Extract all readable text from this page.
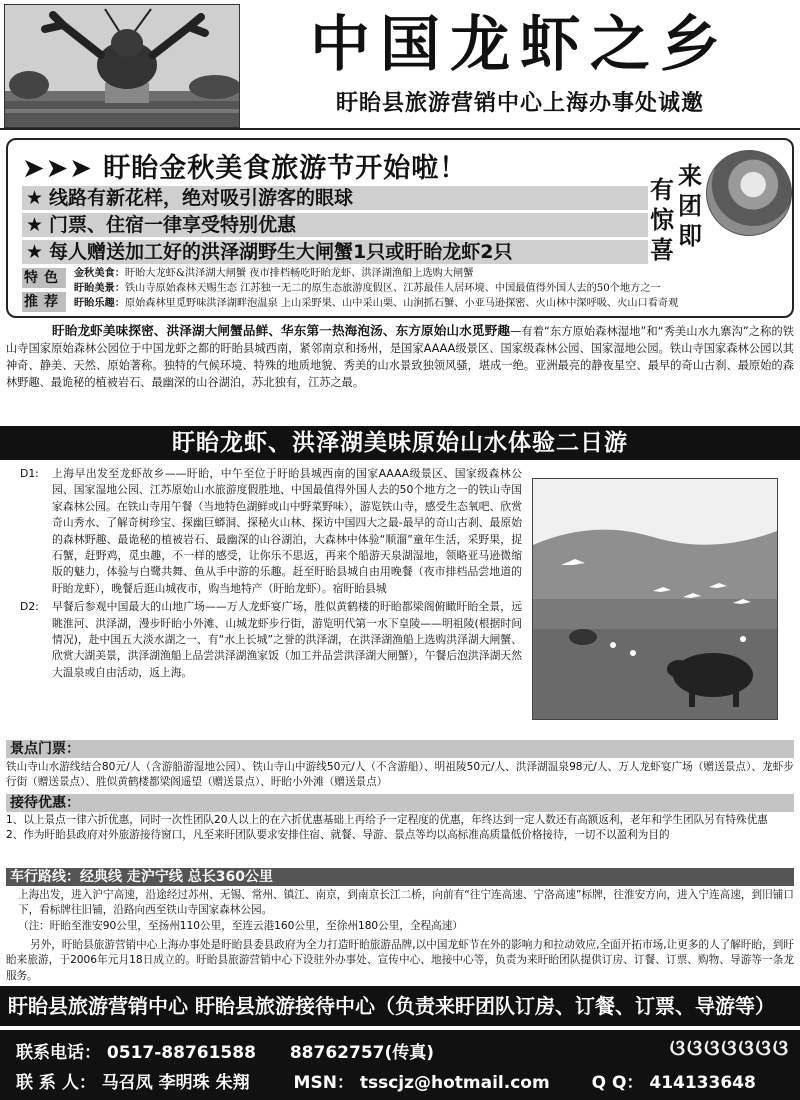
中国龙虾之乡
盱眙县旅游营销中心上海办事处诚邀
➤➤➤ 盱眙金秋美食旅游节开始啦！
★ 线路有新花样，绝对吸引游客的眼球
★ 门票、住宿一律享受特别优惠
★ 每人赠送加工好的洪泽湖野生大闸蟹1只或盱眙龙虾2只
有
惊
喜
来
团
即
特色
推荐
金秋美食：盱眙大龙虾&洪泽湖大闸蟹 夜市排档畅吃盱眙龙虾、洪泽湖渔船上选购大闸蟹
盱眙美景：铁山寺原始森林天赐生态 江苏独一无二的原生态旅游度假区、江苏最佳人居环境、中国最值得外国人去的50个地方之一
盱眙乐趣：原始森林里觅野味洪泽湖畔泡温泉 上山采野果、山中采山栗、山涧抓石蟹、小亚马逊探密、火山林中深呼吸、火山口看奇观
盱眙龙虾美味探密、洪泽湖大闸蟹品鲜、华东第一热海泡汤、东方原始山水觅野趣—有着“东方原始森林湿地”和“秀美山水九寨沟”之称的铁山寺国家原始森林公园位于中国龙虾之都的盱眙县城西南，紧邻南京和扬州，是国家AAAA级景区、国家级森林公园、国家湿地公园。铁山寺国家森林公园以其神奇、静美、天然、原始著称。独特的气候环境、特殊的地质地貌、秀美的山水景致独领风骚，堪成一绝。亚洲最亮的静夜星空、最早的奇山古刹、最原始的森林野趣、最诡秘的植被岩石、最幽深的山谷湖泊，苏北独有，江苏之最。
盱眙龙虾、洪泽湖美味原始山水体验二日游
D1: 上海早出发至龙虾故乡——盱眙，中午至位于盱眙县城西南的国家AAAA级景区、国家级森林公园、国家湿地公园、江苏原始山水旅游度假胜地、中国最值得外国人去的50个地方之一的铁山寺国家森林公园。在铁山寺用午餐（当地特色湖鲜或山中野菜野味），游览铁山寺，感受生态氧吧、欣赏奇山秀水、了解奇树珍宝、探幽巨蟒洞、探秘火山林、探访中国四大之最-最早的奇山古刹、最原始的森林野趣、最诡秘的植被岩石、最幽深的山谷湖泊，大森林中体验“顺溜”童年生活，采野果，捉石蟹，赶野鸡，觅虫趣，不一样的感受，让你乐不思返，再来个船游天泉湖湿地，领略亚马逊微缩版的魅力，体验与白鹭共舞、鱼从手中游的乐趣。赶至盱眙县城自由用晚餐（夜市排档品尝地道的盱眙龙虾），晚餐后逛山城夜市，购当地特产（盱眙龙虾）。宿盱眙县城
D2: 早餐后参观中国最大的山地广场——万人龙虾宴广场，胜似黄鹤楼的盱眙都梁阁俯瞰盱眙全景，远眺淮河、洪泽湖，漫步盱眙小外滩、山城龙虾步行街，游览明代第一水下皇陵——明祖陵(根据时间情况)，赴中国五大淡水湖之一、有“水上长城”之誉的洪泽湖，在洪泽湖渔船上选购洪泽湖大闸蟹、欣赏大湖美景，洪泽湖渔船上品尝洪泽湖渔家饭（加工并品尝洪泽湖大闸蟹），午餐后泡洪泽湖天然大温泉或自由活动，返上海。
景点门票：

铁山寺山水游线结合80元/人（含游船游湿地公园）、铁山寺山中游线50元/人（不含游船）、明祖陵50元/人、洪泽湖温泉98元/人、万人龙虾宴广场（赠送景点）、龙虾步行街（赠送景点）、胜似黄鹤楼都梁阁遥望（赠送景点）、盱眙小外滩（赠送景点）

接待优惠：

1、以上景点一律六折优惠，同时一次性团队20人以上的在六折优惠基础上再给予一定程度的优惠，年终达到一定人数还有高额返利，老年和学生团队另有特殊优惠

2、作为盱眙县政府对外旅游接待窗口，凡至来盱团队要求安排住宿、就餐、导游、景点等均以高标准高质量低价格接待，一切不以盈利为目的

车行路线：经典线 走沪宁线 总长360公里

上海出发，进入沪宁高速，沿途经过苏州、无锡、常州、镇江、南京，到南京长江二桥，向前有“往宁连高速、宁洛高速”标牌，往淮安方向，进入宁连高速，到旧铺口下，看标牌往旧铺，沿路向西至铁山寺国家森林公园。

（注：盱眙至淮安90公里，至扬州110公里，至连云港160公里，至徐州180公里，全程高速）

另外，盱眙县旅游营销中心上海办事处是盱眙县委县政府为全力打造盱眙旅游品牌,以中国龙虾节在外的影响力和拉动效应,全面开拓市场,让更多的人了解盱眙，到盱眙来旅游，于2006年元月18日成立的。盱眙县旅游营销中心下设驻外办事处、宣传中心、地接中心等，负责为来盱眙团队提供订房、订餐、订票、购物、导游等一条龙服务。

盱眙县旅游营销中心 盱眙县旅游接待中心（负责来盱团队订房、订餐、订票、导游等）
联系电话： 0517-88761588 88762757(传真)	ଓଓଓଓଓଓଓ
联 系 人： 马召凤 李明珠 朱翔	MSN： tsscjz@hotmail.com Q Q： 414133648
